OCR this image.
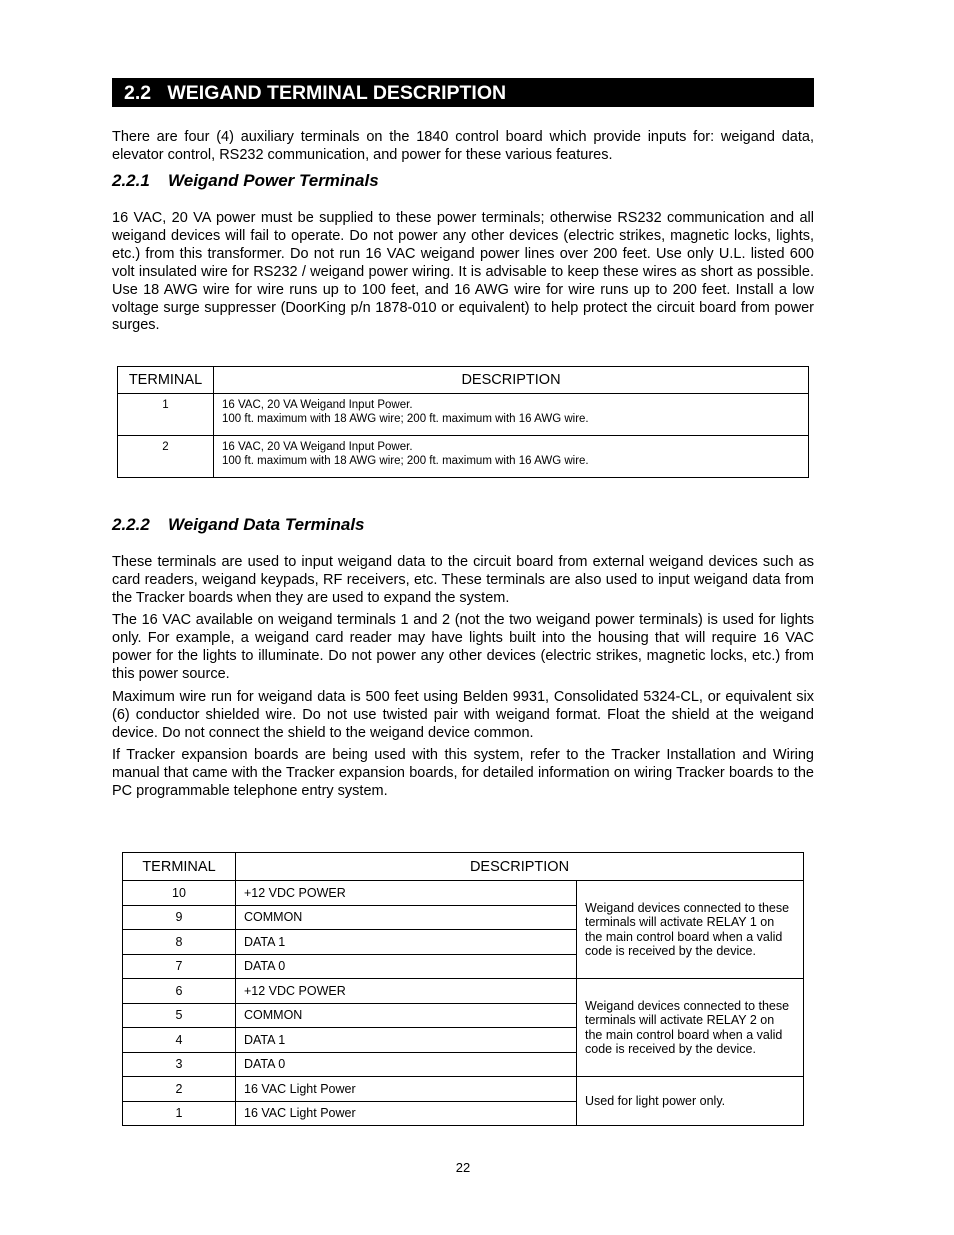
2.2 WEIGAND TERMINAL DESCRIPTION

There are four (4) auxiliary terminals on the 1840 control board which provide inputs for: weigand data, elevator control, RS232 communication, and power for these various features.

2.2.1 Weigand Power Terminals

16 VAC, 20 VA power must be supplied to these power terminals; otherwise RS232 communication and all weigand devices will fail to operate. Do not power any other devices (electric strikes, magnetic locks, lights, etc.) from this transformer. Do not run 16 VAC weigand power lines over 200 feet. Use only U.L. listed 600 volt insulated wire for RS232 / weigand power wiring. It is advisable to keep these wires as short as possible. Use 18 AWG wire for wire runs up to 100 feet, and 16 AWG wire for wire runs up to 200 feet. Install a low voltage surge suppresser (DoorKing p/n 1878-010 or equivalent) to help protect the circuit board from power surges.

TERMINAL	DESCRIPTION
1	16 VAC, 20 VA Weigand Input Power.
100 ft. maximum with 18 AWG wire; 200 ft. maximum with 16 AWG wire.

2	16 VAC, 20 VA Weigand Input Power.
100 ft. maximum with 18 AWG wire; 200 ft. maximum with 16 AWG wire.
2.2.2 Weigand Data Terminals

These terminals are used to input weigand data to the circuit board from external weigand devices such as card readers, weigand keypads, RF receivers, etc. These terminals are also used to input weigand data from the Tracker boards when they are used to expand the system.

The 16 VAC available on weigand terminals 1 and 2 (not the two weigand power terminals) is used for lights only. For example, a weigand card reader may have lights built into the housing that will require 16 VAC power for the lights to illuminate. Do not power any other devices (electric strikes, magnetic locks, etc.) from this power source.

Maximum wire run for weigand data is 500 feet using Belden 9931, Consolidated 5324-CL, or equivalent six (6) conductor shielded wire. Do not use twisted pair with weigand format. Float the shield at the weigand device. Do not connect the shield to the weigand device common.

If Tracker expansion boards are being used with this system, refer to the Tracker Installation and Wiring manual that came with the Tracker expansion boards, for detailed information on wiring Tracker boards to the PC programmable telephone entry system.

TERMINAL	DESCRIPTION	
10	+12 VDC POWER	Weigand devices connected to these terminals will activate RELAY 1 on the main control board when a valid code is received by the device.
9	COMMON	
8	DATA 1	
7	DATA 0	
6	+12 VDC POWER	Weigand devices connected to these terminals will activate RELAY 2 on the main control board when a valid code is received by the device.
5	COMMON	
4	DATA 1	
3	DATA 0	
2	16 VAC Light Power	Used for light power only.
1	16 VAC Light Power	
22
